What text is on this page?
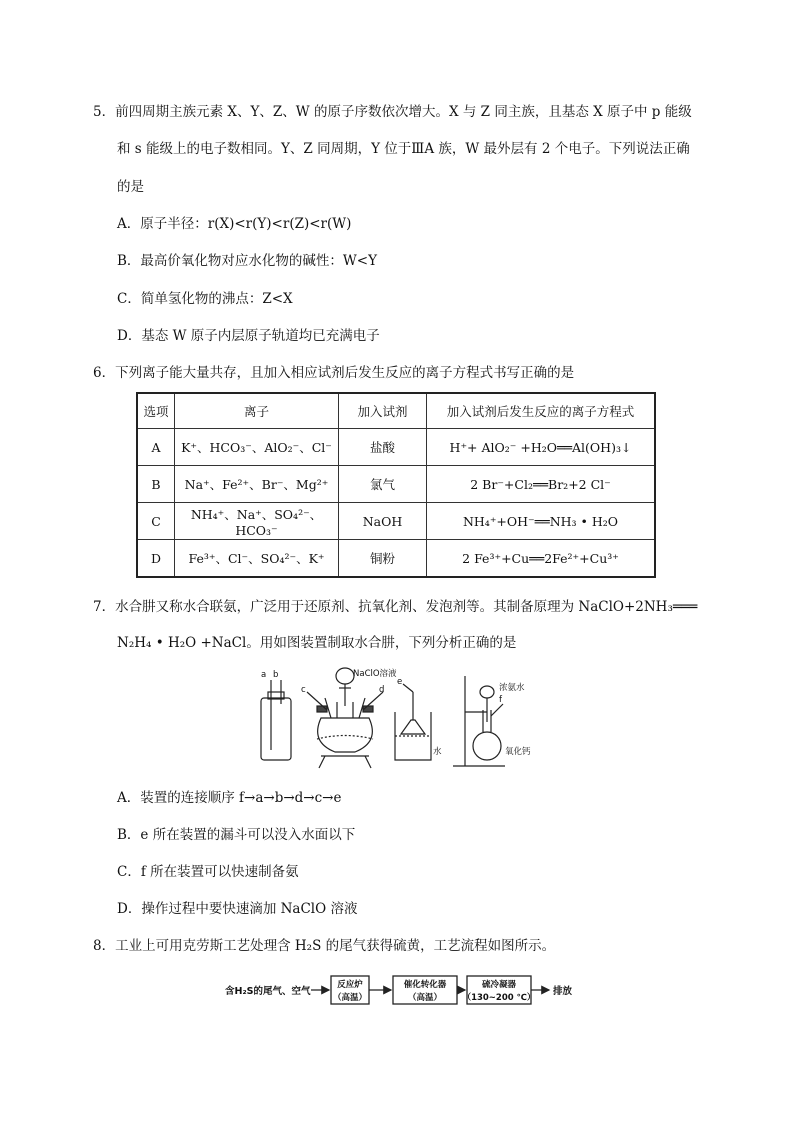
5．前四周期主族元素 X、Y、Z、W 的原子序数依次增大。X 与 Z 同主族，且基态 X 原子中 p 能级
和 s 能级上的电子数相同。Y、Z 同周期，Y 位于ⅢA 族，W 最外层有 2 个电子。下列说法正确
的是
A．原子半径：r(X)<r(Y)<r(Z)<r(W)
B．最高价氧化物对应水化物的碱性：W<Y
C．简单氢化物的沸点：Z<X
D．基态 W 原子内层原子轨道均已充满电子
6．下列离子能大量共存，且加入相应试剂后发生反应的离子方程式书写正确的是
选项	离子	加入试剂	加入试剂后发生反应的离子方程式
A	K⁺、HCO₃⁻、AlO₂⁻、Cl⁻	盐酸	H⁺+ AlO₂⁻ +H₂O══Al(OH)₃↓
B	Na⁺、Fe²⁺、Br⁻、Mg²⁺	氯气	2 Br⁻+Cl₂══Br₂+2 Cl⁻
C	NH₄⁺、Na⁺、SO₄²⁻、HCO₃⁻	NaOH	NH₄⁺+OH⁻══NH₃ • H₂O
D	Fe³⁺、Cl⁻、SO₄²⁻、K⁺	铜粉	2 Fe³⁺+Cu══2Fe²⁺+Cu³⁺
7．水合肼又称水合联氨，广泛用于还原剂、抗氧化剂、发泡剂等。其制备原理为 NaClO+2NH₃═══
N₂H₄ • H₂O +NaCl。用如图装置制取水合肼，下列分析正确的是
a b
c	d
e
f
NaClO溶液
水
浓氨水
氧化钙
A．装置的连接顺序 f→a→b→d→c→e
B．e 所在装置的漏斗可以没入水面以下
C．f 所在装置可以快速制备氨
D．操作过程中要快速滴加 NaClO 溶液
8．工业上可用克劳斯工艺处理含 H₂S 的尾气获得硫黄，工艺流程如图所示。
含H₂S的尾气、空气
反应炉
（高温）
催化转化器
（高温）
硫冷凝器
（130~200 ℃）
排放
